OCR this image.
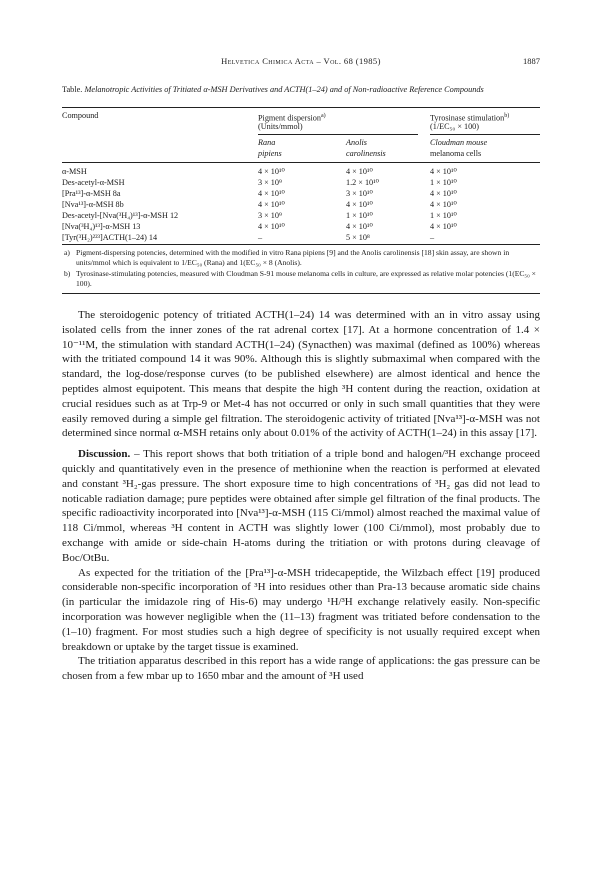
Helvetica Chimica Acta – Vol. 68 (1985)	1887
Table. Melanotropic Activities of Tritiated α-MSH Derivatives and ACTH(1–24) and of Non-radioactive Reference Compounds
Compound	Pigment dispersion$^{a)}$	Tyrosinase stimulation$^{b)}$
(Units/mmol)	(1/EC₅₀ × 100)
Rana	Anolis	Cloudman mouse
pipiens	carolinensis	melanoma cells
α-MSH	4 × 10¹⁰	4 × 10¹⁰	4 × 10¹⁰
Des-acetyl-α-MSH	3 × 10⁹	1.2 × 10¹⁰	1 × 10¹⁰
[Pra¹³]-α-MSH 8a	4 × 10¹⁰	3 × 10¹⁰	4 × 10¹⁰
[Nva¹³]-α-MSH 8b	4 × 10¹⁰	4 × 10¹⁰	4 × 10¹⁰
Des-acetyl-[Nva(³H₄)¹³]-α-MSH 12	3 × 10⁹	1 × 10¹⁰	1 × 10¹⁰
[Nva(³H₄)¹³]-α-MSH 13	4 × 10¹⁰	4 × 10¹⁰	4 × 10¹⁰
[Tyr(³H₂)²²³]ACTH(1–24) 14	–	5 × 10⁸	–
a) Pigment-dispersing potencies, determined with the modified in vitro Rana pipiens [9] and the Anolis carolinensis [18] skin assay, are shown in units/mmol which is equivalent to 1/EC₅₀ (Rana) and 1(EC₅₀ × 8 (Anolis).
b) Tyrosinase-stimulating potencies, measured with Cloudman S-91 mouse melanoma cells in culture, are expressed as relative molar potencies (1(EC₅₀ × 100).

The steroidogenic potency of tritiated ACTH(1–24) 14 was determined with an in vitro assay using isolated cells from the inner zones of the rat adrenal cortex [17]. At a hormone concentration of 1.4 × 10⁻¹¹M, the stimulation with standard ACTH(1–24) (Synacthen) was maximal (defined as 100%) whereas with the tritiated compound 14 it was 90%. Although this is slightly submaximal when compared with the standard, the log-dose/response curves (to be published elsewhere) are almost identical and hence the peptides almost equipotent. This means that despite the high ³H content during the reaction, oxidation at crucial residues such as at Trp-9 or Met-4 has not occurred or only in such small quantities that they were easily removed during a simple gel filtration. The steroidogenic activity of tritiated [Nva¹³]-α-MSH was not determined since normal α-MSH retains only about 0.01% of the activity of ACTH(1–24) in this assay [17].

Discussion. – This report shows that both tritiation of a triple bond and halogen/³H exchange proceed quickly and quantitatively even in the presence of methionine when the reaction is performed at elevated and constant ³H₂-gas pressure. The short exposure time to high concentrations of ³H₂ gas did not lead to noticable radiation damage; pure peptides were obtained after simple gel filtration of the final products. The specific radioactivity incorporated into [Nva¹³]-α-MSH (115 Ci/mmol) almost reached the maximal value of 118 Ci/mmol, whereas ³H content in ACTH was slightly lower (100 Ci/mmol), most probably due to exchange with amide or side-chain H-atoms during the tritiation or with protons during cleavage of Boc/OtBu.

As expected for the tritiation of the [Pra¹³]-α-MSH tridecapeptide, the Wilzbach effect [19] produced considerable non-specific incorporation of ³H into residues other than Pra-13 because aromatic side chains (in particular the imidazole ring of His-6) may undergo ¹H/³H exchange relatively easily. Non-specific incorporation was however negligible when the (11–13) fragment was tritiated before condensation to the (1–10) fragment. For most studies such a high degree of specificity is not usually required except when breakdown or uptake by the target tissue is examined.

The tritiation apparatus described in this report has a wide range of applications: the gas pressure can be chosen from a few mbar up to 1650 mbar and the amount of ³H used
